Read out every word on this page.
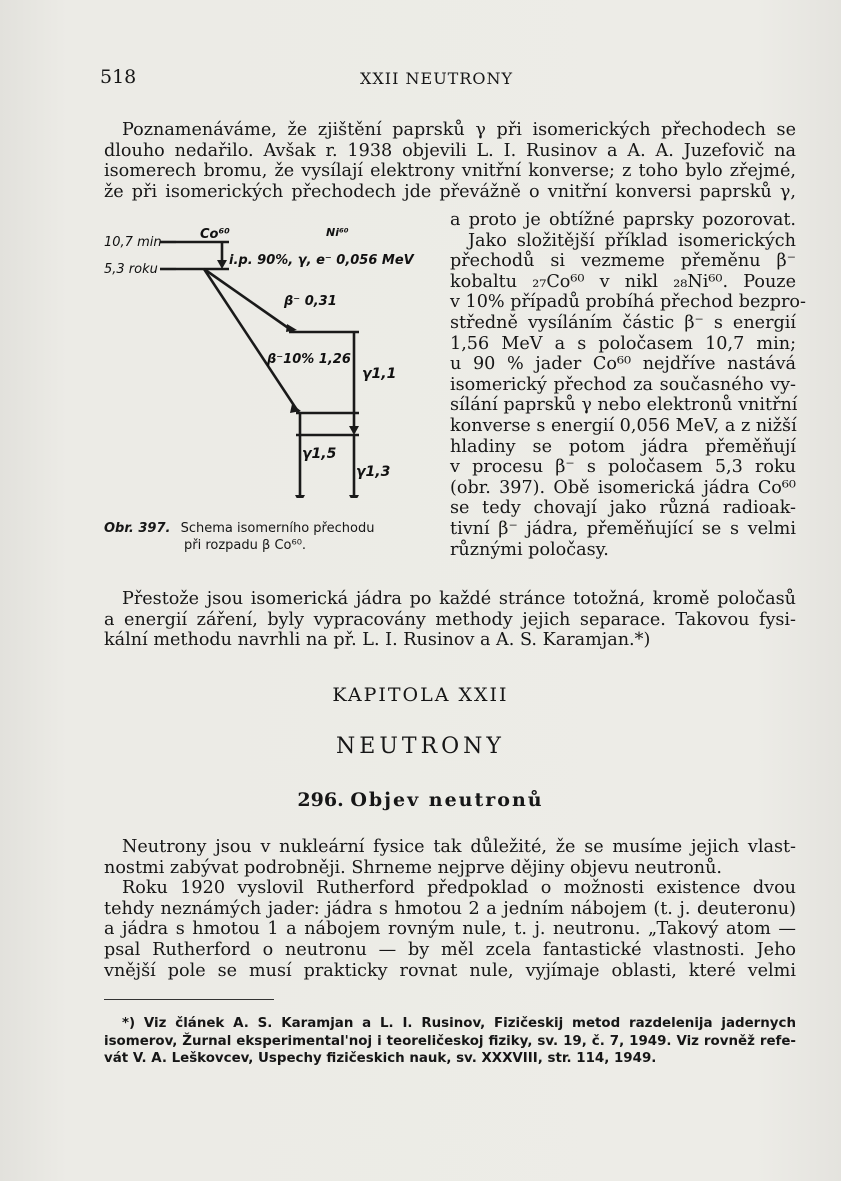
518	XXII NEUTRONY
Poznamenáváme, že zjištění paprsků γ při isomerických přechodech se
dlouho nedařilo. Avšak r. 1938 objevili L. I. Rusinov a A. A. Juzefovič na
isomerech bromu, že vysílají elektrony vnitřní konverse; z toho bylo zřejmé,
že při isomerických přechodech jde převážně o vnitřní konversi paprsků γ,
10,7 min
5,3 roku
Co⁶⁰	Ni⁶⁰
i.p. 90%, γ, e⁻ 0,056 MeV
β⁻ 0,31
β⁻10% 1,26
γ1,1
γ1,5
γ1,3
a proto je obtížné paprsky pozorovat.
Jako složitější příklad isomerických
přechodů si vezmeme přeměnu β⁻
kobaltu ₂₇Co⁶⁰ v nikl ₂₈Ni⁶⁰. Pouze
v 10% případů probíhá přechod bezpro-
středně vysíláním částic β⁻ s energií
1,56 MeV a s poločasem 10,7 min;
u 90 % jader Co⁶⁰ nejdříve nastává
isomerický přechod za současného vy-
sílání paprsků γ nebo elektronů vnitřní
konverse s energií 0,056 MeV, a z nižší
hladiny se potom jádra přeměňují
v procesu β⁻ s poločasem 5,3 roku
(obr. 397). Obě isomerická jádra Co⁶⁰
se tedy chovají jako různá radioak-
tivní β⁻ jádra, přeměňující se s velmi
různými poločasy.
Obr. 397. Schema isomerního přechodu
při rozpadu β Co⁶⁰.
Přestože jsou isomerická jádra po každé stránce totožná, kromě poločasů
a energií záření, byly vypracovány methody jejich separace. Takovou fysi-
kální methodu navrhli na př. L. I. Rusinov a A. S. Karamjan.*)
KAPITOLA XXII
NEUTRONY
296. Objev neutronů
Neutrony jsou v nukleární fysice tak důležité, že se musíme jejich vlast-
nostmi zabývat podrobněji. Shrneme nejprve dějiny objevu neutronů.
Roku 1920 vyslovil Rutherford předpoklad o možnosti existence dvou
tehdy neznámých jader: jádra s hmotou 2 a jedním nábojem (t. j. deuteronu)
a jádra s hmotou 1 a nábojem rovným nule, t. j. neutronu. „Takový atom —
psal Rutherford o neutronu — by měl zcela fantastické vlastnosti. Jeho
vnější pole se musí prakticky rovnat nule, vyjímaje oblasti, které velmi
*) Viz článek A. S. Karamjan a L. I. Rusinov, Fizičeskij metod razdelenija jadernych
isomerov, Žurnal eksperimental'noj i teoreličeskoj fiziky, sv. 19, č. 7, 1949. Viz rovněž refe-
vát V. A. Leškovcev, Uspechy fizičeskich nauk, sv. XXXVIII, str. 114, 1949.
